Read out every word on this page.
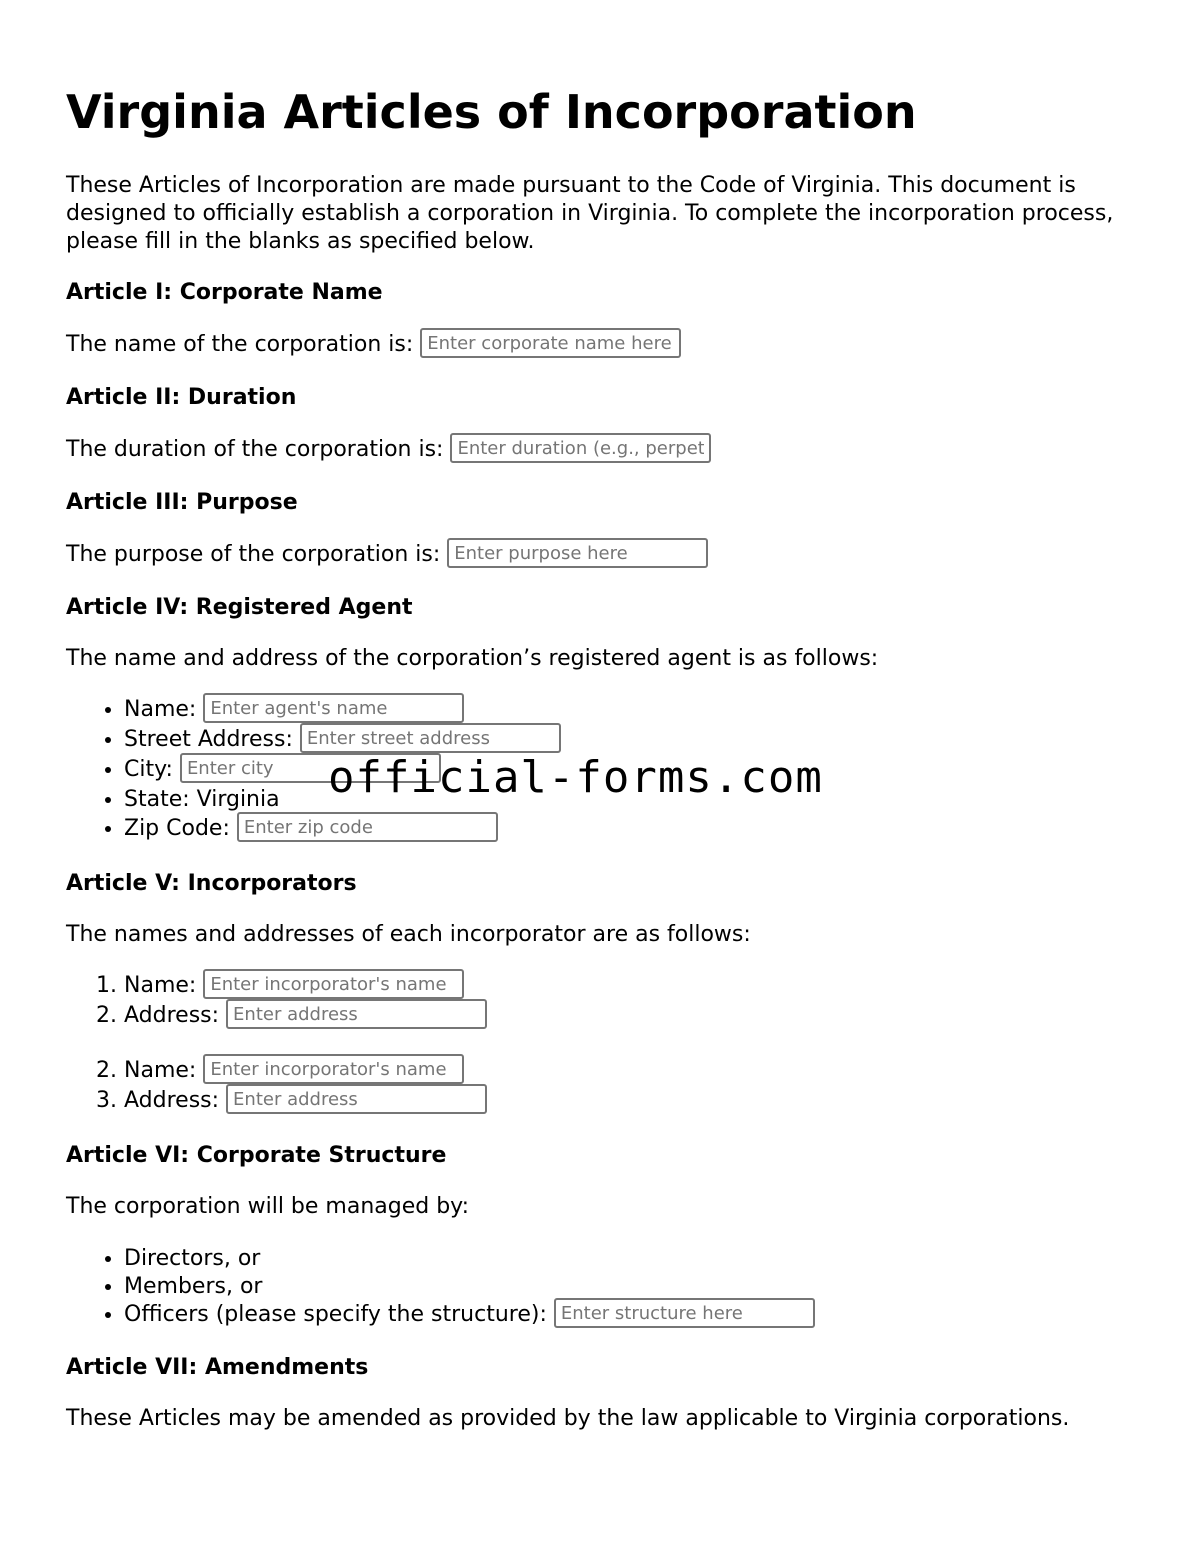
Virginia Articles of Incorporation

These Articles of Incorporation are made pursuant to the Code of Virginia. This document is designed to officially establish a corporation in Virginia. To complete the incorporation process, please fill in the blanks as specified below.

Article I: Corporate Name

The name of the corporation is: Enter corporate name here

Article II: Duration

The duration of the corporation is: Enter duration (e.g., perpetual)

Article III: Purpose

The purpose of the corporation is: Enter purpose here

Article IV: Registered Agent

The name and address of the corporation’s registered agent is as follows:

• Name: Enter agent's name
• Street Address: Enter street address
• City: Enter city
• State: Virginia
• Zip Code: Enter zip code
Article V: Incorporators

The names and addresses of each incorporator are as follows:

1. Name: Enter incorporator's name
2. Address: Enter address
2. Name: Enter incorporator's name
3. Address: Enter address
Article VI: Corporate Structure

The corporation will be managed by:

• Directors, or
• Members, or
• Officers (please specify the structure): Enter structure here
Article VII: Amendments

These Articles may be amended as provided by the law applicable to Virginia corporations.

official-forms.com
